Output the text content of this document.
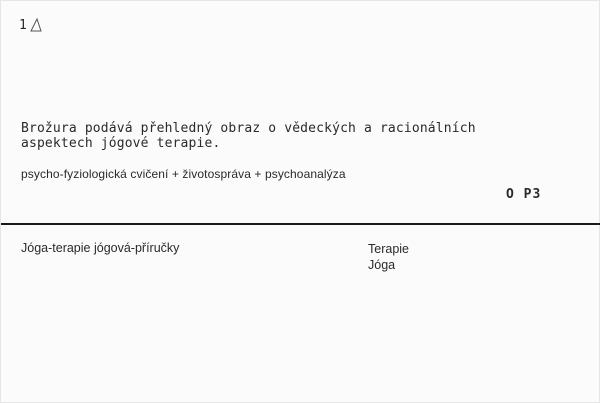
1
Brožura podává přehledný obraz o vědeckých a racionálních aspektech jógové terapie.
psycho-fyziologická cvičení + životospráva + psychoanalýza
O P3
Jóga-terapie jógová-příručky	Terapie
Jóga
